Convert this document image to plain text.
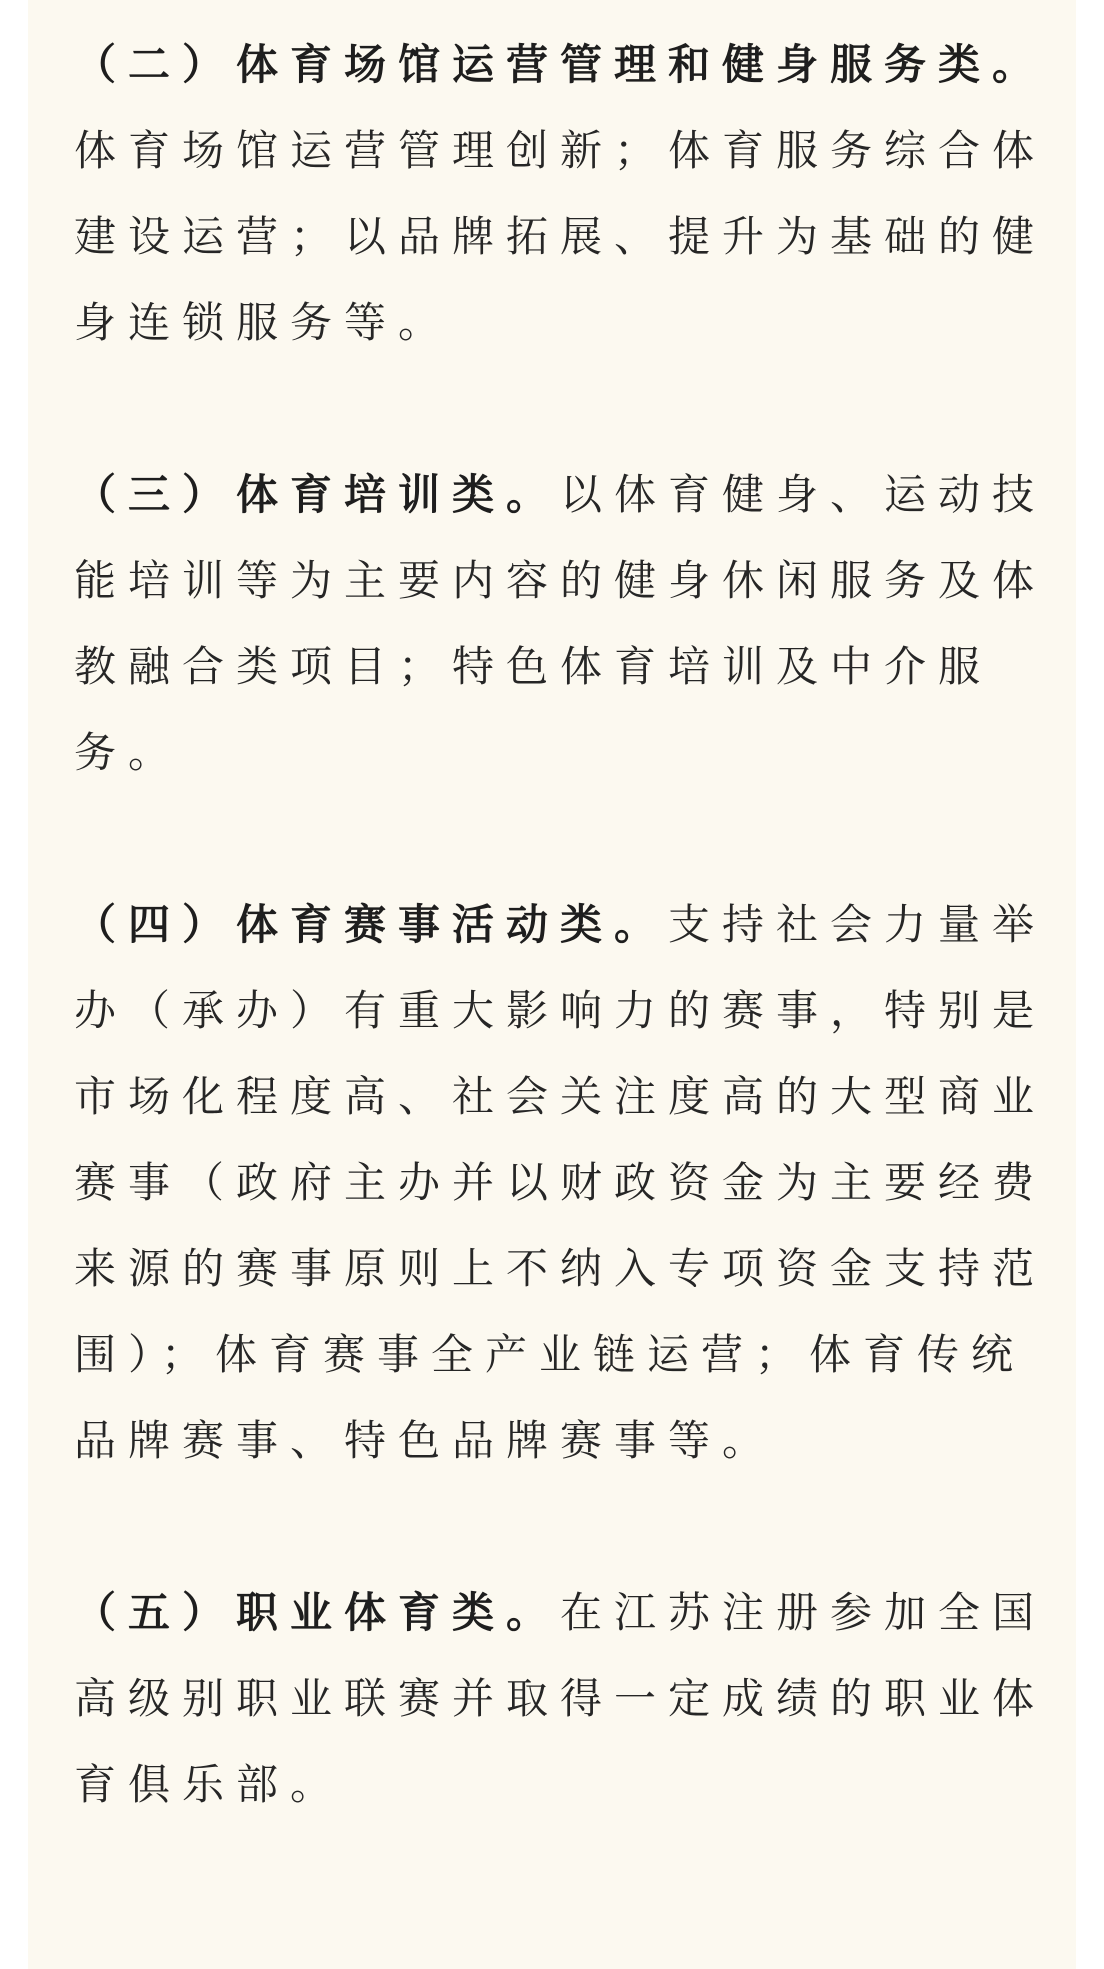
（二）体育场馆运营管理和健身服务类。体育场馆运营管理创新；体育服务综合体建设运营；以品牌拓展、提升为基础的健身连锁服务等。

（三）体育培训类。以体育健身、运动技能培训等为主要内容的健身休闲服务及体教融合类项目；特色体育培训及中介服务。

（四）体育赛事活动类。支持社会力量举办（承办）有重大影响力的赛事，特别是市场化程度高、社会关注度高的大型商业赛事（政府主办并以财政资金为主要经费来源的赛事原则上不纳入专项资金支持范围）；体育赛事全产业链运营；体育传统品牌赛事、特色品牌赛事等。

（五）职业体育类。在江苏注册参加全国高级别职业联赛并取得一定成绩的职业体育俱乐部。
